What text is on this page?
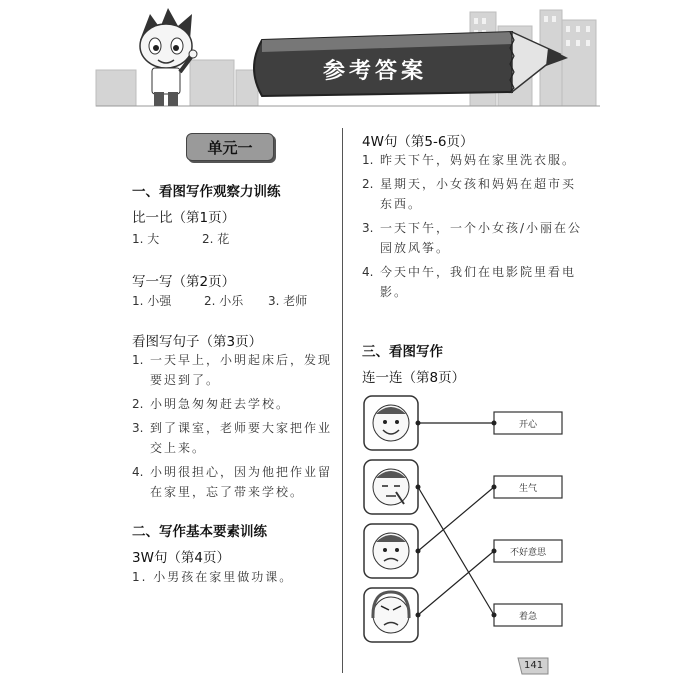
参考答案
单元一
一、看图写作观察力训练
比一比（第1页）
1. 大	2. 花
写一写（第2页）
1. 小强	2. 小乐 3. 老师
看图写句子（第3页）
1. 一天早上，小明起床后，发现要迟到了。
2. 小明急匆匆赶去学校。
3. 到了课室，老师要大家把作业交上来。
4. 小明很担心，因为他把作业留在家里，忘了带来学校。
二、写作基本要素训练
3W句（第4页）
1. 小男孩在家里做功课。
4W句（第5-6页）
1. 昨天下午，妈妈在家里洗衣服。
2. 星期天，小女孩和妈妈在超市买东西。
3. 一天下午，一个小女孩/小丽在公园放风筝。
4. 今天中午，我们在电影院里看电影。
三、看图写作
连一连（第8页）
开心
生气
不好意思
着急
141
